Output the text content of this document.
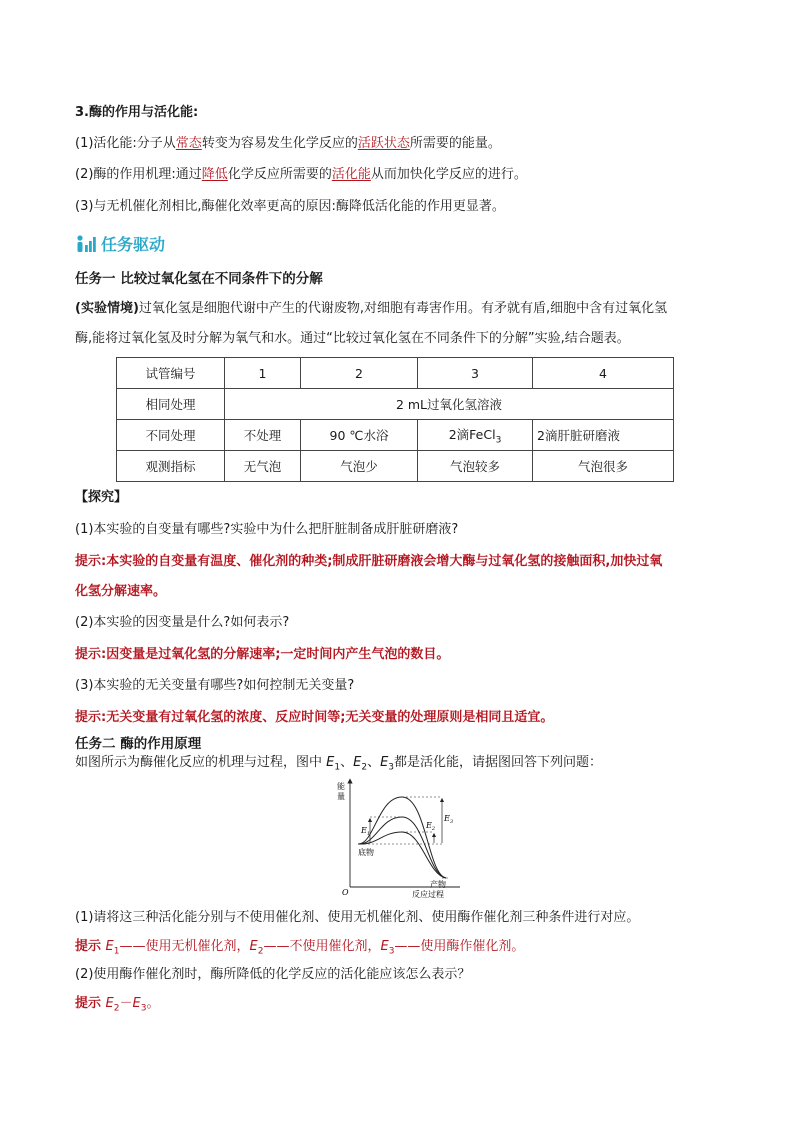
3.酶的作用与活化能:
(1)活化能:分子从常态转变为容易发生化学反应的活跃状态所需要的能量。
(2)酶的作用机理:通过降低化学反应所需要的活化能从而加快化学反应的进行。
(3)与无机催化剂相比,酶催化效率更高的原因:酶降低活化能的作用更显著。
任务驱动
任务一 比较过氧化氢在不同条件下的分解
(实验情境)过氧化氢是细胞代谢中产生的代谢废物,对细胞有毒害作用。有矛就有盾,细胞中含有过氧化氢
酶,能将过氧化氢及时分解为氧气和水。通过“比较过氧化氢在不同条件下的分解”实验,结合题表。
试管编号	1	2	3	4
相同处理	2 mL过氧化氢溶液			
不同处理	不处理	90 ℃水浴	2滴FeCl$_3$	2滴肝脏研磨液
观测指标	无气泡	气泡少	气泡较多	气泡很多
【探究】
(1)本实验的自变量有哪些?实验中为什么把肝脏制备成肝脏研磨液?
提示:本实验的自变量有温度、催化剂的种类;制成肝脏研磨液会增大酶与过氧化氢的接触面积,加快过氧
化氢分解速率。
(2)本实验的因变量是什么?如何表示?
提示:因变量是过氧化氢的分解速率;一定时间内产生气泡的数目。
(3)本实验的无关变量有哪些?如何控制无关变量?
提示:无关变量有过氧化氢的浓度、反应时间等;无关变量的处理原则是相同且适宜。
任务二 酶的作用原理
如图所示为酶催化反应的机理与过程，图中 $E_1$、$E_2$、$E_3$都是活化能，请据图回答下列问题：
能
量
O	反应过程
$E_1$
$E_2$
$E_3$
底物
产物
(1)请将这三种活化能分别与不使用催化剂、使用无机催化剂、使用酶作催化剂三种条件进行对应。
提示 $E_1——$使用无机催化剂，$E_2——$不使用催化剂，$E_3——$使用酶作催化剂。
(2)使用酶作催化剂时，酶所降低的化学反应的活化能应该怎么表示？
提示 $E_2-E_3$。
